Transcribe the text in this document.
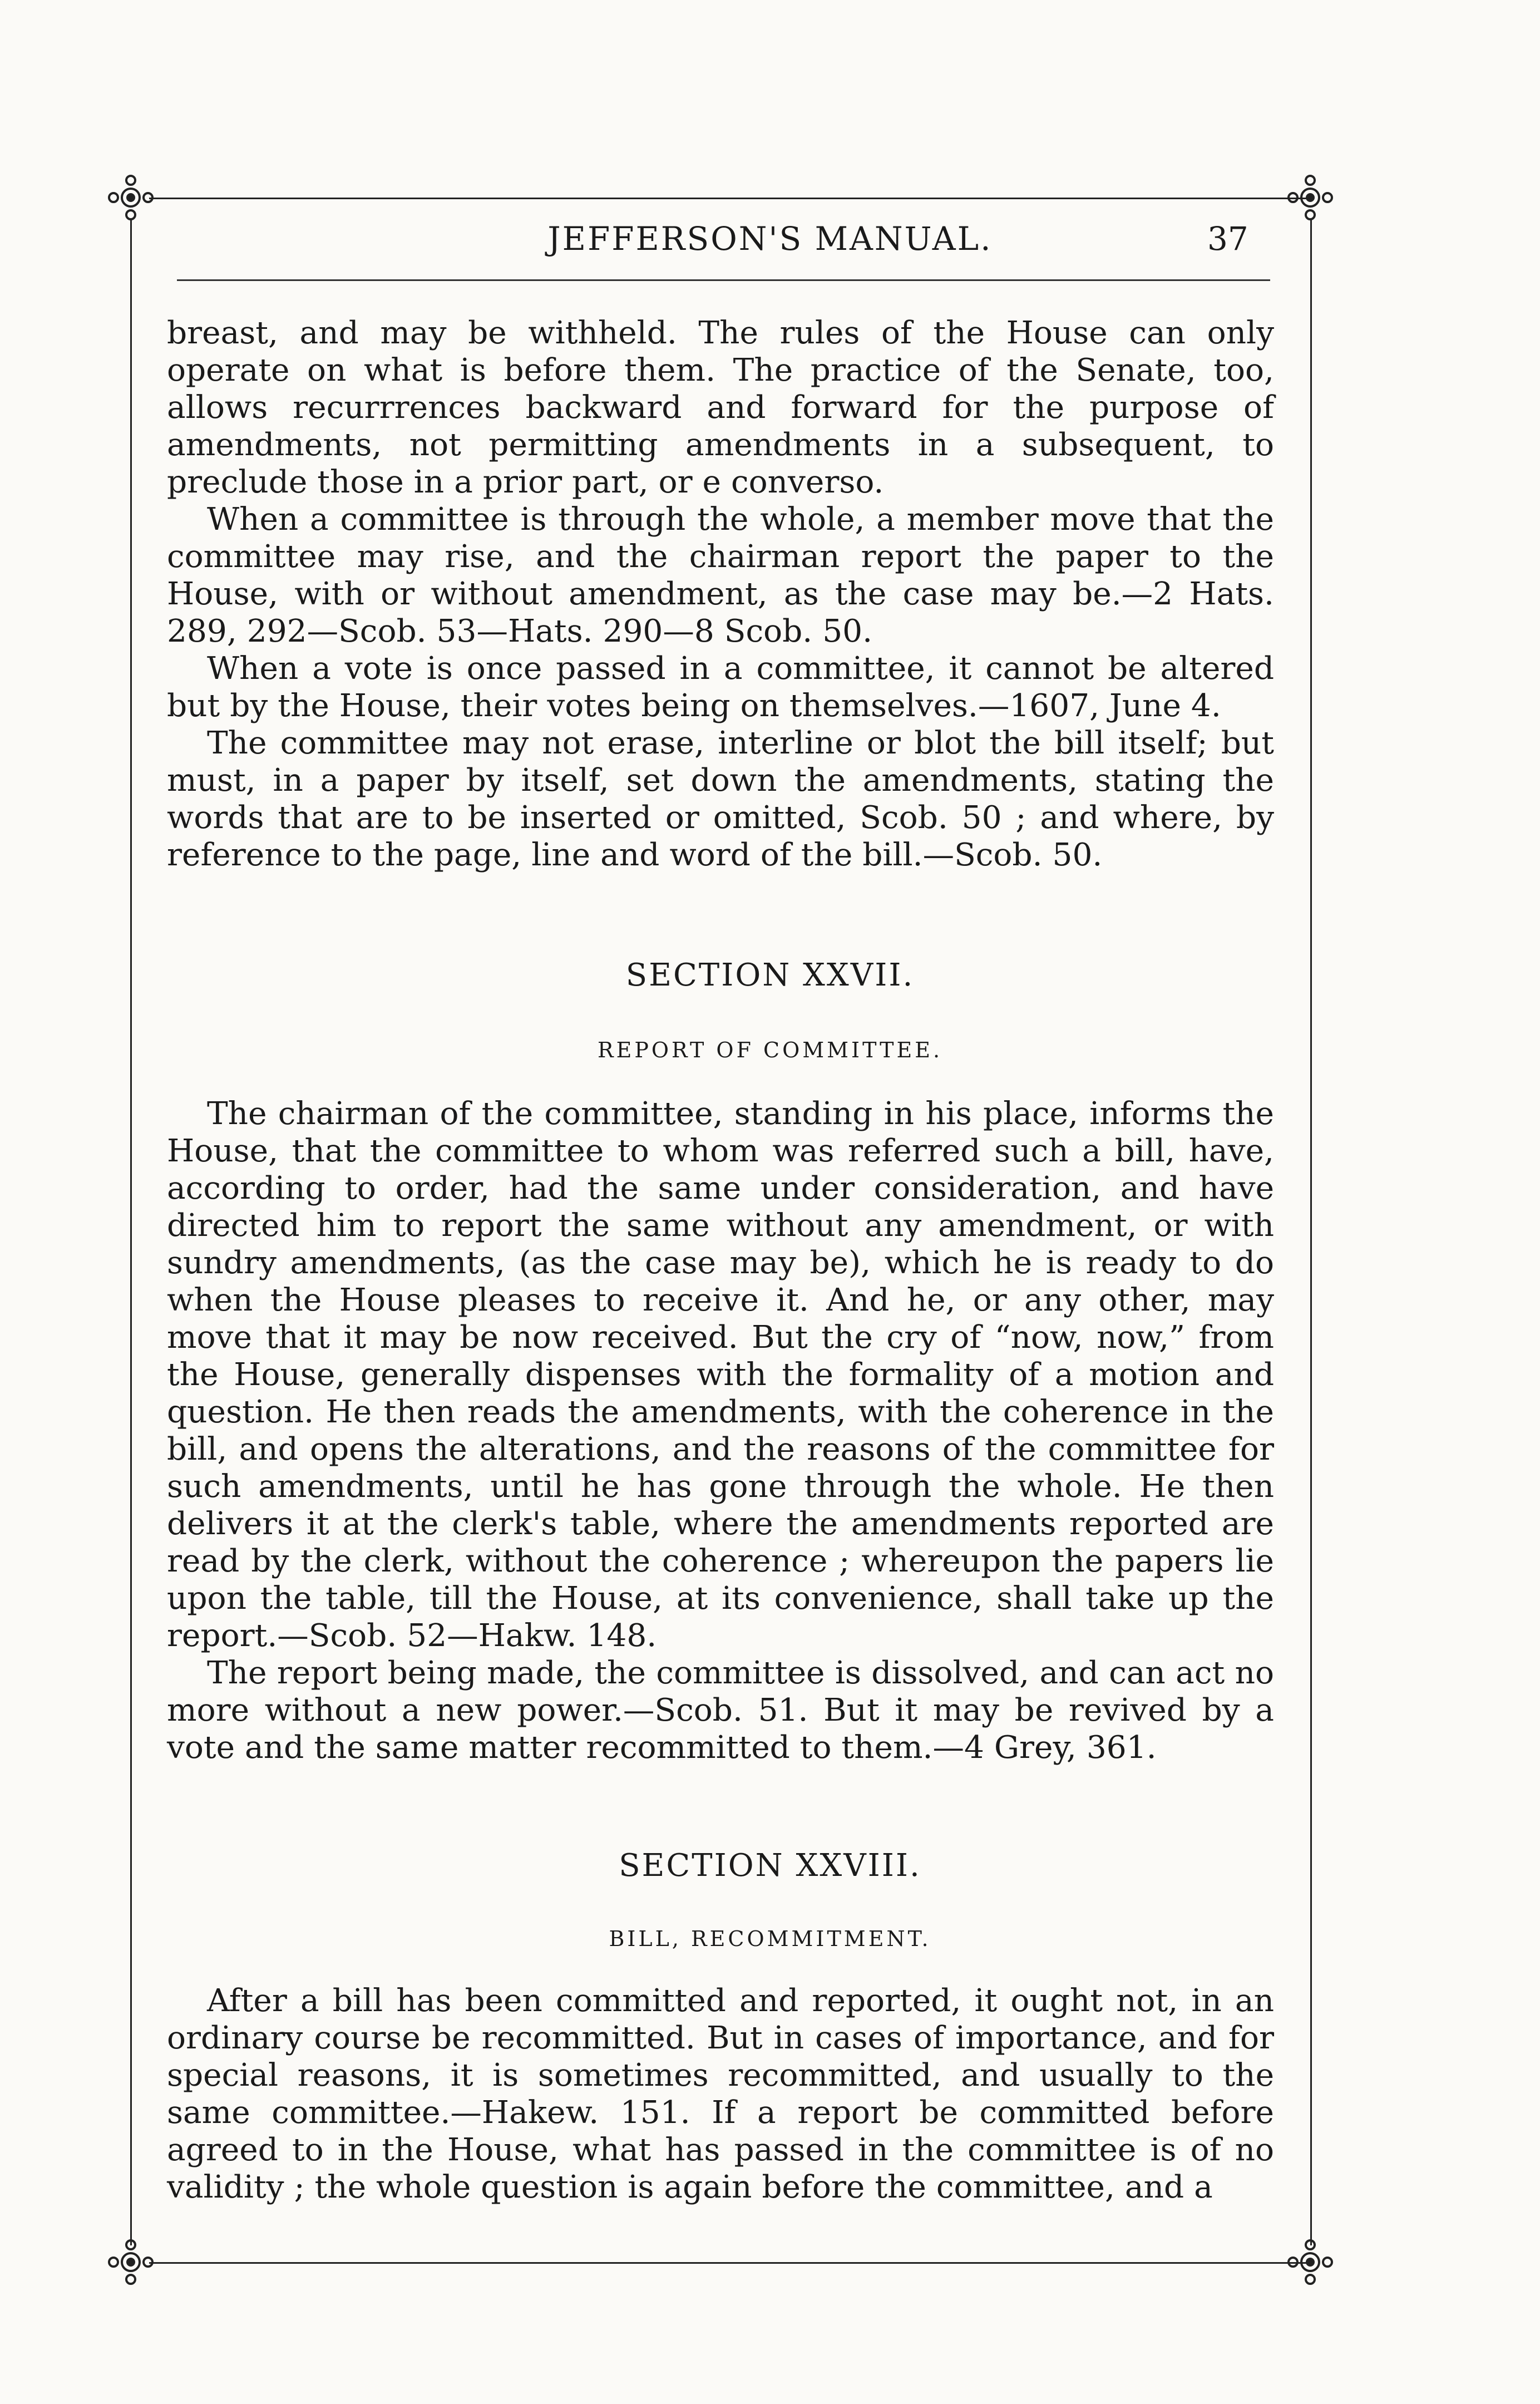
JEFFERSON'S MANUAL.	37

breast, and may be withheld. The rules of the House can only operate on what is before them. The practice of the Senate, too, allows recurrrences backward and forward for the purpose of amendments, not permitting amendments in a subsequent, to preclude those in a prior part, or e converso.

When a committee is through the whole, a member move that the committee may rise, and the chairman report the paper to the House, with or without amendment, as the case may be.—2 Hats. 289, 292—Scob. 53—Hats. 290—8 Scob. 50.

When a vote is once passed in a committee, it cannot be altered but by the House, their votes being on themselves.—1607, June 4.

The committee may not erase, interline or blot the bill itself; but must, in a paper by itself, set down the amendments, stating the words that are to be inserted or omitted, Scob. 50 ; and where, by reference to the page, line and word of the bill.—Scob. 50.

SECTION XXVII.
REPORT OF COMMITTEE.

The chairman of the committee, standing in his place, informs the House, that the committee to whom was referred such a bill, have, according to order, had the same under consideration, and have directed him to report the same without any amendment, or with sundry amendments, (as the case may be), which he is ready to do when the House pleases to receive it. And he, or any other, may move that it may be now received. But the cry of “now, now,” from the House, generally dispenses with the formality of a motion and question. He then reads the amendments, with the coherence in the bill, and opens the alterations, and the reasons of the committee for such amendments, until he has gone through the whole. He then delivers it at the clerk's table, where the amendments reported are read by the clerk, without the coherence ; whereupon the papers lie upon the table, till the House, at its convenience, shall take up the report.—Scob. 52—Hakw. 148.

The report being made, the committee is dissolved, and can act no more without a new power.—Scob. 51. But it may be revived by a vote and the same matter recommitted to them.—4 Grey, 361.

SECTION XXVIII.
BILL, RECOMMITMENT.

After a bill has been committed and reported, it ought not, in an ordinary course be recommitted. But in cases of importance, and for special reasons, it is sometimes recommitted, and usually to the same committee.—Hakew. 151. If a report be committed before agreed to in the House, what has passed in the committee is of no validity ; the whole question is again before the committee, and a
